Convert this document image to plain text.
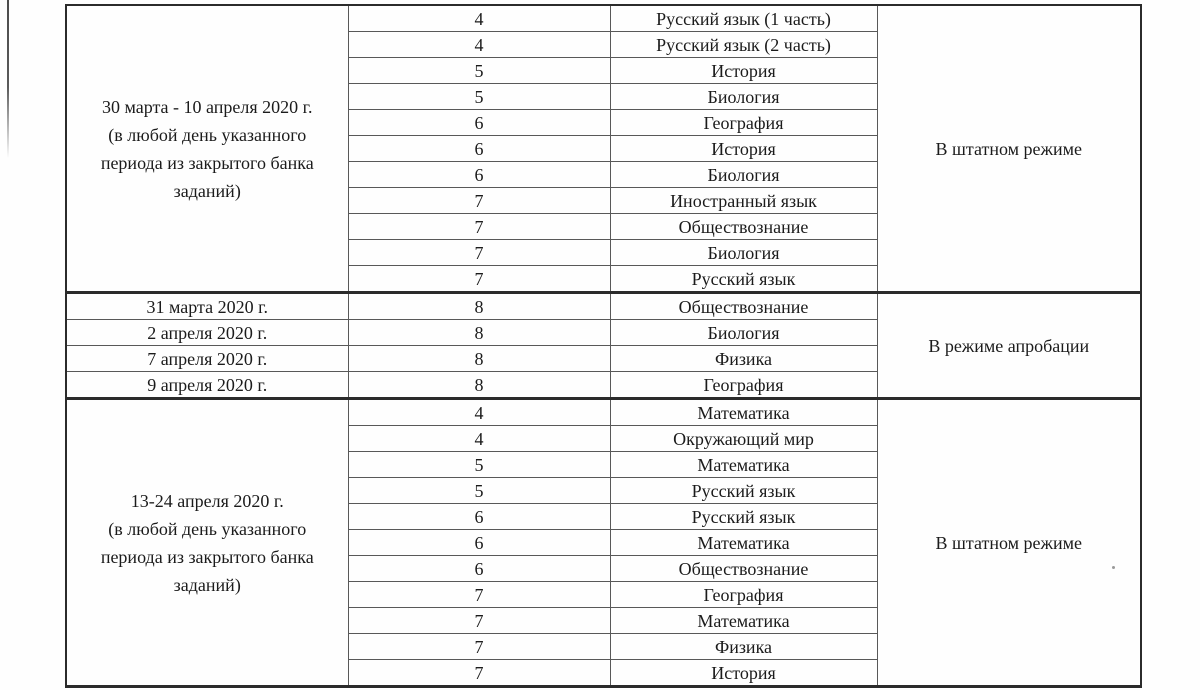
30 марта - 10 апреля 2020 г.
(в любой день указанного
периода из закрытого банка
заданий)	4	Русский язык (1 часть)	В штатном режиме
	4	Русский язык (2 часть)	
	5	История	
	5	Биология	
	6	География	
	6	История	
	6	Биология	
	7	Иностранный язык	
	7	Обществознание	
	7	Биология	
	7	Русский язык	
31 марта 2020 г.	8	Обществознание	В режиме апробации
2 апреля 2020 г.	8	Биология	
7 апреля 2020 г.	8	Физика	
9 апреля 2020 г.	8	География	

13-24 апреля 2020 г.
(в любой день указанного
периода из закрытого банка
заданий)	4	Математика	В штатном режиме
	4	Окружающий мир	
	5	Математика	
	5	Русский язык	
	6	Русский язык	
	6	Математика	
	6	Обществознание	
	7	География	
	7	Математика	
	7	Физика	
	7	История	
